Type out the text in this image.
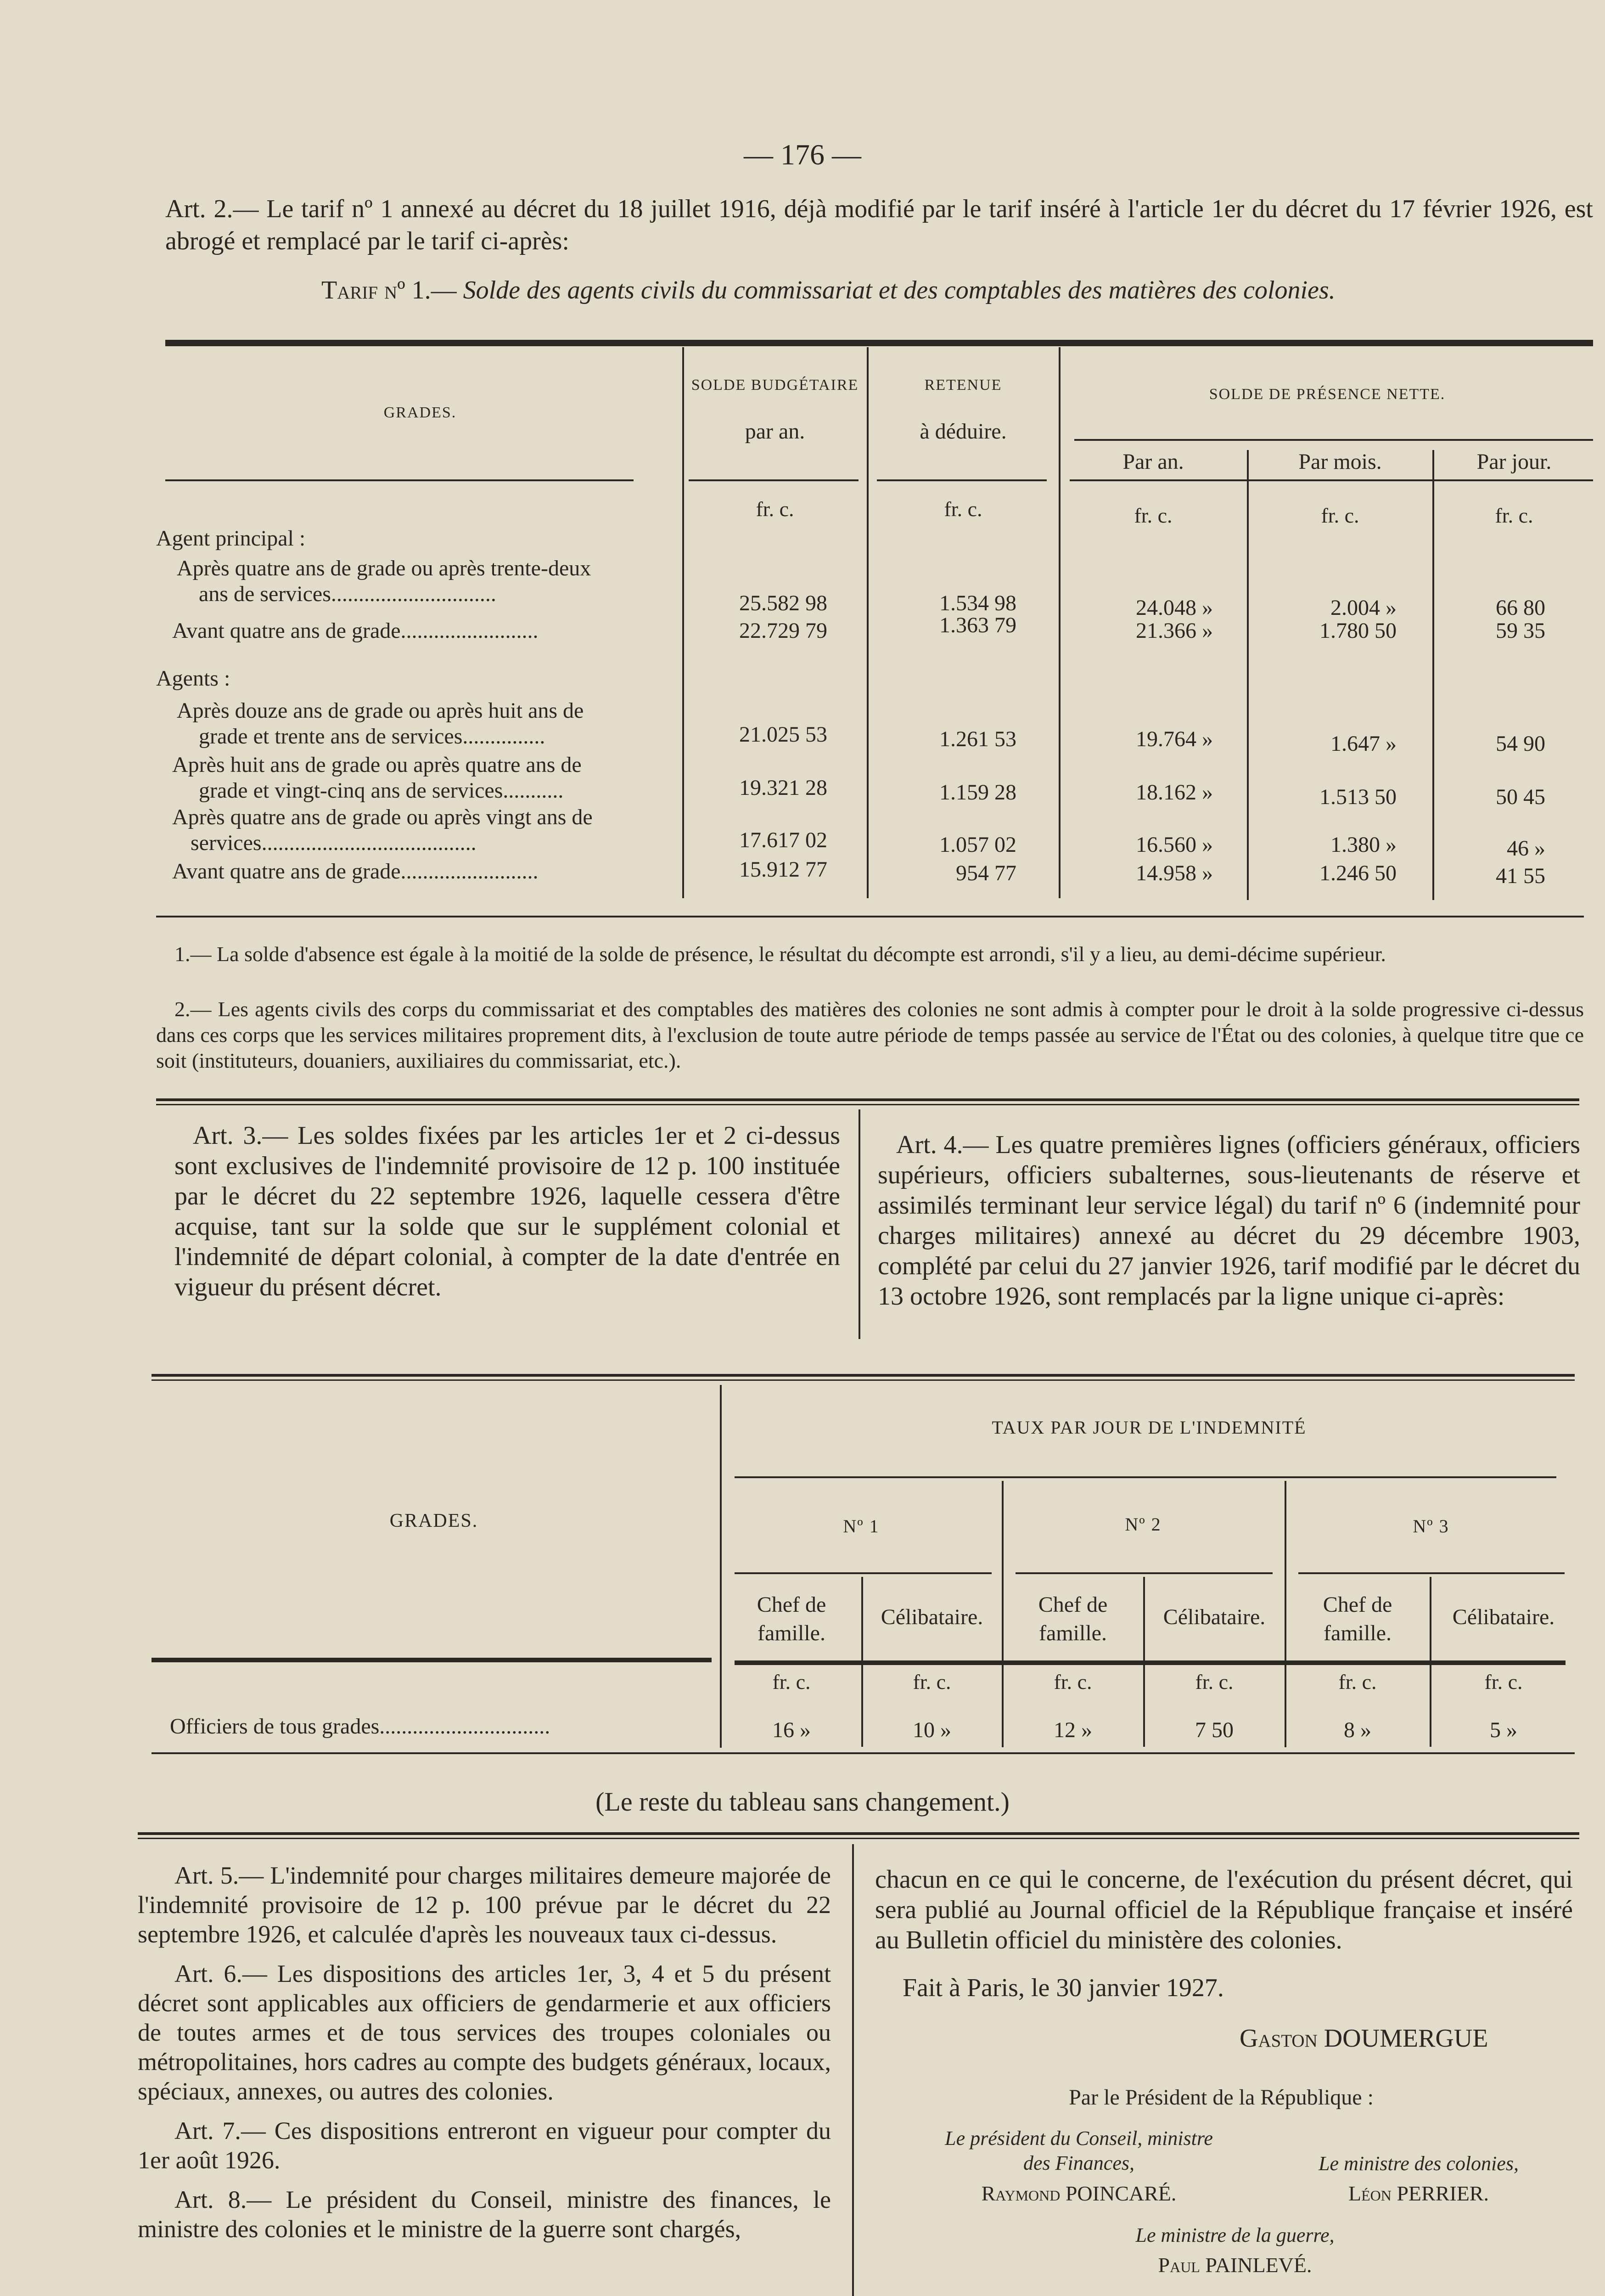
— 176 —
Art. 2.— Le tarif nº 1 annexé au décret du 18 juillet 1916, déjà modifié par le tarif inséré à l'article 1er du décret du 17 février 1926, est abrogé et remplacé par le tarif ci-après:
Tarif nº 1.— Solde des agents civils du commissariat et des comptables des matières des colonies.
GRADES.
SOLDE BUDGÉTAIRE
par an.
RETENUE
à déduire.
SOLDE DE PRÉSENCE NETTE.
Par an.	Par mois.	Par jour.
fr. c.	fr. c.	fr. c.	fr. c.	fr. c.
Agent principal :
Après quatre ans de grade ou après trente-deux
ans de services..............................	25.582 98	1.534 98	24.048 »	2.004 »	66 80
Avant quatre ans de grade.........................	22.729 79	1.363 79	21.366 »	1.780 50	59 35
Agents :
Après douze ans de grade ou après huit ans de
grade et trente ans de services...............	21.025 53	1.261 53	19.764 »	1.647 »	54 90
Après huit ans de grade ou après quatre ans de
grade et vingt-cinq ans de services...........	19.321 28	1.159 28	18.162 »	1.513 50	50 45
Après quatre ans de grade ou après vingt ans de
services.......................................	17.617 02	1.057 02	16.560 »	1.380 »	46 »
Avant quatre ans de grade.........................	15.912 77	954 77	14.958 »	1.246 50	41 55
1.— La solde d'absence est égale à la moitié de la solde de présence, le résultat du décompte est arrondi, s'il y a lieu, au demi-décime supérieur.
2.— Les agents civils des corps du commissariat et des comptables des matières des colonies ne sont admis à compter pour le droit à la solde progressive ci-dessus dans ces corps que les services militaires proprement dits, à l'exclusion de toute autre période de temps passée au service de l'État ou des colonies, à quelque titre que ce soit (instituteurs, douaniers, auxiliaires du commissariat, etc.).
Art. 3.— Les soldes fixées par les articles 1er et 2 ci-dessus sont exclusives de l'indemnité provisoire de 12 p. 100 instituée par le décret du 22 septembre 1926, laquelle cessera d'être acquise, tant sur la solde que sur le supplément colonial et l'indemnité de départ colonial, à compter de la date d'entrée en vigueur du présent décret.
Art. 4.— Les quatre premières lignes (officiers généraux, officiers supérieurs, officiers subalternes, sous-lieutenants de réserve et assimilés terminant leur service légal) du tarif nº 6 (indemnité pour charges militaires) annexé au décret du 29 décembre 1903, complété par celui du 27 janvier 1926, tarif modifié par le décret du 13 octobre 1926, sont remplacés par la ligne unique ci-après:
TAUX PAR JOUR DE L'INDEMNITÉ
GRADES.	Nº 1	Nº 2	Nº 3
Chef de famille.
Célibataire.
Chef de famille.
Célibataire.
Chef de famille.
Célibataire.
fr. c.	fr. c.	fr. c.	fr. c.	fr. c.	fr. c.
Officiers de tous grades...............................	16 »	10 »	12 »	7 50	8 »	5 »
(Le reste du tableau sans changement.)
Art. 5.— L'indemnité pour charges militaires demeure majorée de l'indemnité provisoire de 12 p. 100 prévue par le décret du 22 septembre 1926, et calculée d'après les nouveaux taux ci-dessus.
Art. 6.— Les dispositions des articles 1er, 3, 4 et 5 du présent décret sont applicables aux officiers de gendarmerie et aux officiers de toutes armes et de tous services des troupes coloniales ou métropolitaines, hors cadres au compte des budgets généraux, locaux, spéciaux, annexes, ou autres des colonies.
Art. 7.— Ces dispositions entreront en vigueur pour compter du 1er août 1926.
Art. 8.— Le président du Conseil, ministre des finances, le ministre des colonies et le ministre de la guerre sont chargés,
chacun en ce qui le concerne, de l'exécution du présent décret, qui sera publié au Journal officiel de la République française et inséré au Bulletin officiel du ministère des colonies.
Fait à Paris, le 30 janvier 1927.
Gaston DOUMERGUE
Par le Président de la République :
Le président du Conseil, ministre
des Finances,
Raymond POINCARÉ.
Le ministre des colonies,
Léon PERRIER.
Le ministre de la guerre,
Paul PAINLEVÉ.
